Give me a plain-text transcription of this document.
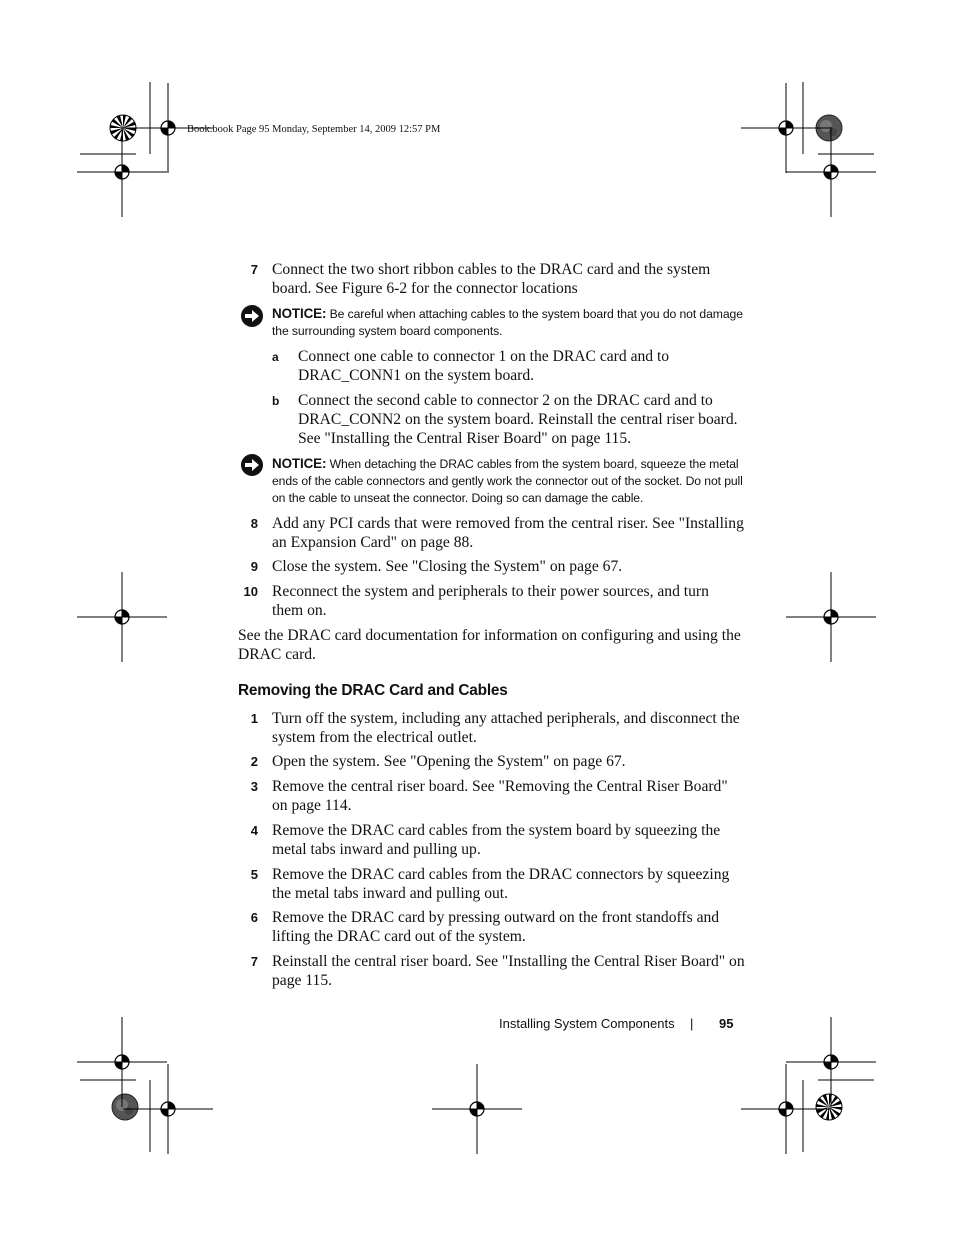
Book.book Page 95 Monday, September 14, 2009 12:57 PM
7 Connect the two short ribbon cables to the DRAC card and the system board. See Figure 6-2 for the connector locations
NOTICE: Be careful when attaching cables to the system board that you do not damage the surrounding system board components.
a	Connect one cable to connector 1 on the DRAC card and to DRAC_CONN1 on the system board.
b Connect the second cable to connector 2 on the DRAC card and to DRAC_CONN2 on the system board. Reinstall the central riser board. See "Installing the Central Riser Board" on page 115.
NOTICE: When detaching the DRAC cables from the system board, squeeze the metal ends of the cable connectors and gently work the connector out of the socket. Do not pull on the cable to unseat the connector. Doing so can damage the cable.
8 Add any PCI cards that were removed from the central riser. See "Installing an Expansion Card" on page 88.
9 Close the system. See "Closing the System" on page 67.
10 Reconnect the system and peripherals to their power sources, and turn them on.
See the DRAC card documentation for information on configuring and using the DRAC card.
Removing the DRAC Card and Cables
1 Turn off the system, including any attached peripherals, and disconnect the system from the electrical outlet.
2 Open the system. See "Opening the System" on page 67.
3 Remove the central riser board. See "Removing the Central Riser Board" on page 114.
4 Remove the DRAC card cables from the system board by squeezing the metal tabs inward and pulling up.
5 Remove the DRAC card cables from the DRAC connectors by squeezing the metal tabs inward and pulling out.
6 Remove the DRAC card by pressing outward on the front standoffs and lifting the DRAC card out of the system.
7 Reinstall the central riser board. See "Installing the Central Riser Board" on page 115.
Installing System Components | 95
